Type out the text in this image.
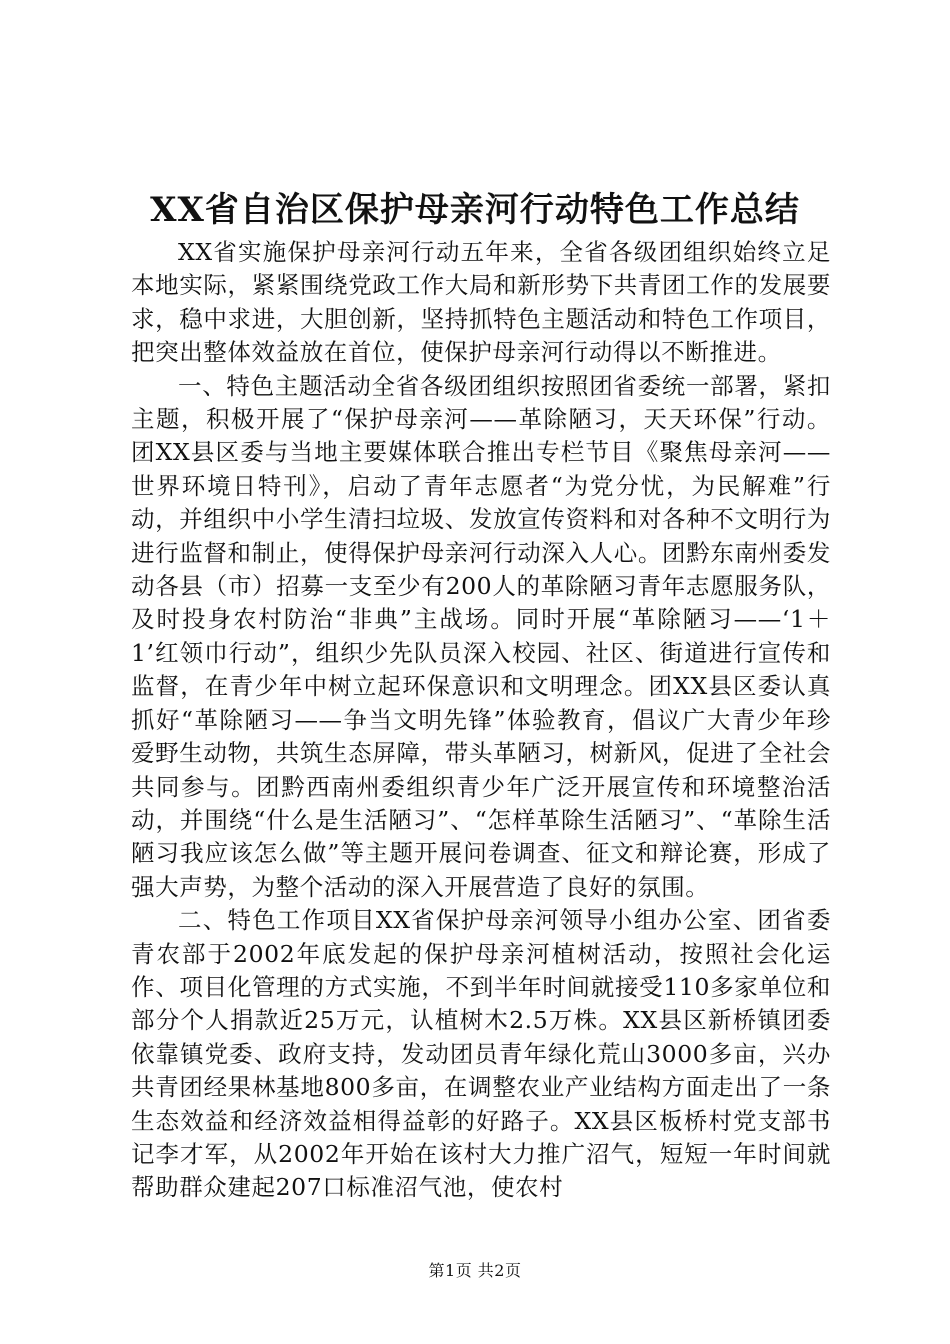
XX省自治区保护母亲河行动特色工作总结

XX省实施保护母亲河行动五年来，全省各级团组织始终立足本地实际，紧紧围绕党政工作大局和新形势下共青团工作的发展要求，稳中求进，大胆创新，坚持抓特色主题活动和特色工作项目，把突出整体效益放在首位，使保护母亲河行动得以不断推进。

一、特色主题活动全省各级团组织按照团省委统一部署，紧扣主题，积极开展了“保护母亲河——革除陋习，天天环保”行动。团XX县区委与当地主要媒体联合推出专栏节目《聚焦母亲河——世界环境日特刊》，启动了青年志愿者“为党分忧，为民解难”行动，并组织中小学生清扫垃圾、发放宣传资料和对各种不文明行为进行监督和制止，使得保护母亲河行动深入人心。团黔东南州委发动各县（市）招募一支至少有200人的革除陋习青年志愿服务队，及时投身农村防治“非典”主战场。同时开展“革除陋习——‘1＋1’红领巾行动”，组织少先队员深入校园、社区、街道进行宣传和监督，在青少年中树立起环保意识和文明理念。团XX县区委认真抓好“革除陋习——争当文明先锋”体验教育，倡议广大青少年珍爱野生动物，共筑生态屏障，带头革陋习，树新风，促进了全社会共同参与。团黔西南州委组织青少年广泛开展宣传和环境整治活动，并围绕“什么是生活陋习”、“怎样革除生活陋习”、“革除生活陋习我应该怎么做”等主题开展问卷调查、征文和辩论赛，形成了强大声势，为整个活动的深入开展营造了良好的氛围。

二、特色工作项目XX省保护母亲河领导小组办公室、团省委青农部于2002年底发起的保护母亲河植树活动，按照社会化运作、项目化管理的方式实施，不到半年时间就接受110多家单位和部分个人捐款近25万元，认植树木2.5万株。XX县区新桥镇团委依靠镇党委、政府支持，发动团员青年绿化荒山3000多亩，兴办共青团经果林基地800多亩，在调整农业产业结构方面走出了一条生态效益和经济效益相得益彰的好路子。XX县区板桥村党支部书记李才军，从2002年开始在该村大力推广沼气，短短一年时间就帮助群众建起207口标准沼气池，使农村

第1页 共2页
